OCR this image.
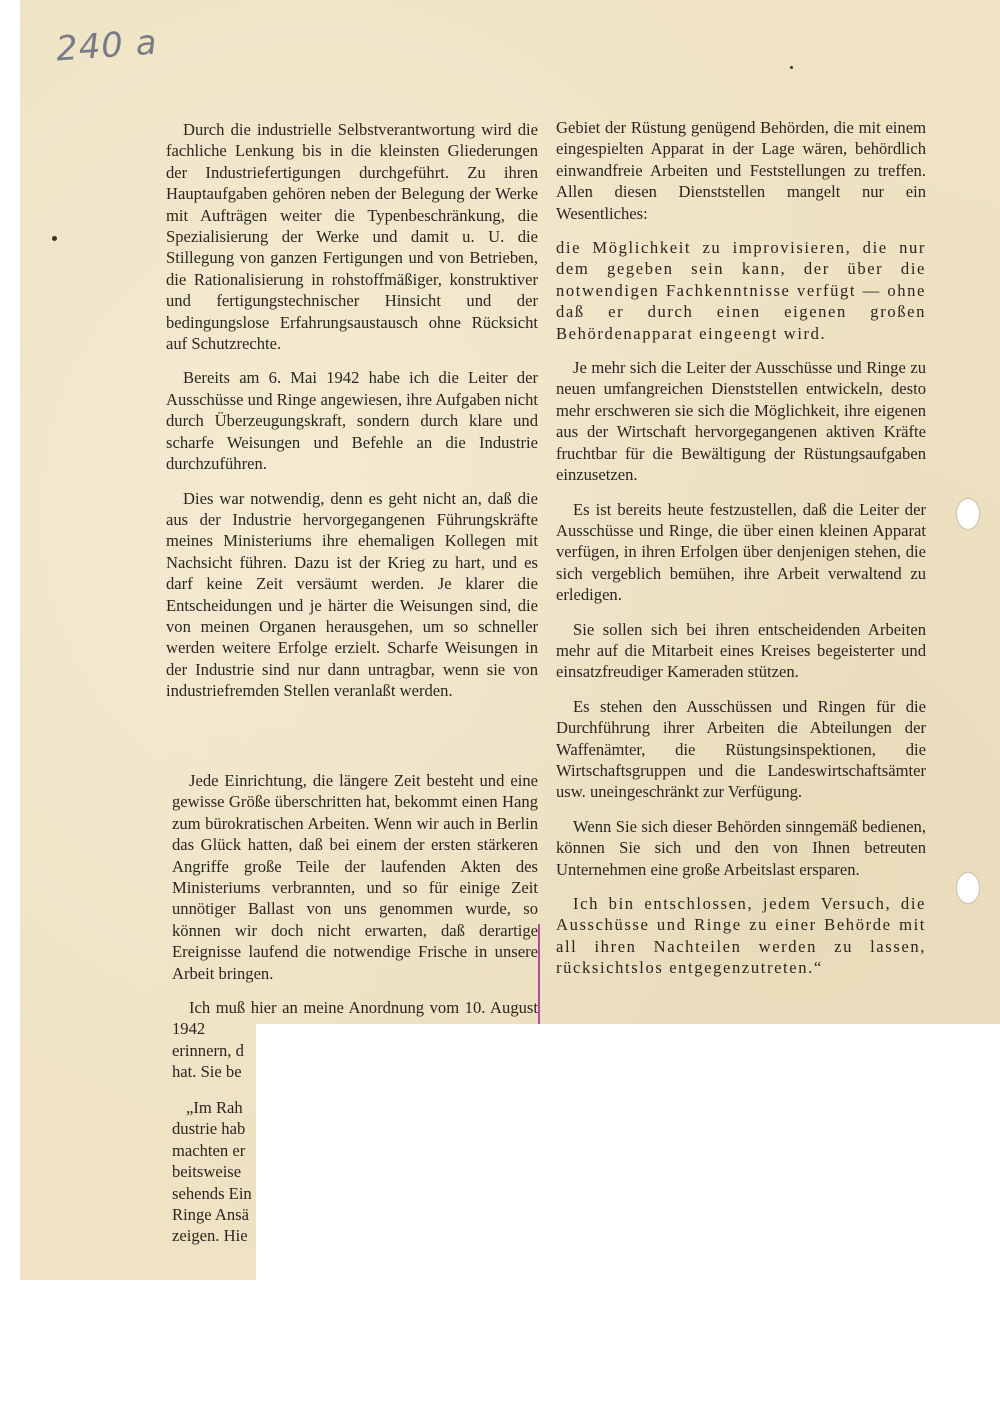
240 a

Durch die industrielle Selbstverantwortung wird die fachliche Lenkung bis in die kleinsten Gliederungen der Industriefertigungen durchgeführt. Zu ihren Hauptaufgaben gehören neben der Belegung der Werke mit Aufträgen weiter die Typenbeschränkung, die Spezialisierung der Werke und damit u. U. die Stillegung von ganzen Fertigungen und von Betrieben, die Rationalisierung in rohstoffmäßiger, konstruktiver und fertigungstechnischer Hinsicht und der bedingungslose Erfahrungsaustausch ohne Rücksicht auf Schutzrechte.

Bereits am 6. Mai 1942 habe ich die Leiter der Ausschüsse und Ringe angewiesen, ihre Aufgaben nicht durch Überzeugungskraft, sondern durch klare und scharfe Weisungen und Befehle an die Industrie durchzuführen.

Dies war notwendig, denn es geht nicht an, daß die aus der Industrie hervorgegangenen Führungskräfte meines Ministeriums ihre ehemaligen Kollegen mit Nachsicht führen. Dazu ist der Krieg zu hart, und es darf keine Zeit versäumt werden. Je klarer die Entscheidungen und je härter die Weisungen sind, die von meinen Organen herausgehen, um so schneller werden weitere Erfolge erzielt. Scharfe Weisungen in der Industrie sind nur dann untragbar, wenn sie von industriefremden Stellen veranlaßt werden.

Jede Einrichtung, die längere Zeit besteht und eine gewisse Größe überschritten hat, bekommt einen Hang zum bürokratischen Arbeiten. Wenn wir auch in Berlin das Glück hatten, daß bei einem der ersten stärkeren Angriffe große Teile der laufenden Akten des Ministeriums verbrannten, und so für einige Zeit unnötiger Ballast von uns genommen wurde, so können wir doch nicht erwarten, daß derartige Ereignisse laufend die notwendige Frische in unsere Arbeit bringen.

Ich muß hier an meine Anordnung vom 10. August 1942

erinnern, d

hat. Sie be

„Im Rah
dustrie hab
machten er
beitsweise
sehends Ein
Ringe Ansä
zeigen. Hie

Gebiet der Rüstung genügend Behörden, die mit einem eingespielten Apparat in der Lage wären, behördlich einwandfreie Arbeiten und Feststellungen zu treffen. Allen diesen Dienststellen mangelt nur ein Wesentliches:

die Möglichkeit zu improvisieren, die nur dem gegeben sein kann, der über die notwendigen Fachkenntnisse verfügt — ohne daß er durch einen eigenen großen Behördenapparat eingeengt wird.

Je mehr sich die Leiter der Ausschüsse und Ringe zu neuen umfangreichen Dienststellen entwickeln, desto mehr erschweren sie sich die Möglichkeit, ihre eigenen aus der Wirtschaft hervorgegangenen aktiven Kräfte fruchtbar für die Bewältigung der Rüstungsaufgaben einzusetzen.

Es ist bereits heute festzustellen, daß die Leiter der Ausschüsse und Ringe, die über einen kleinen Apparat verfügen, in ihren Erfolgen über denjenigen stehen, die sich vergeblich bemühen, ihre Arbeit verwaltend zu erledigen.

Sie sollen sich bei ihren entscheidenden Arbeiten mehr auf die Mitarbeit eines Kreises begeisterter und einsatzfreudiger Kameraden stützen.

Es stehen den Ausschüssen und Ringen für die Durchführung ihrer Arbeiten die Abteilungen der Waffenämter, die Rüstungsinspektionen, die Wirtschaftsgruppen und die Landeswirtschaftsämter usw. uneingeschränkt zur Verfügung.

Wenn Sie sich dieser Behörden sinngemäß bedienen, können Sie sich und den von Ihnen betreuten Unternehmen eine große Arbeitslast ersparen.

Ich bin entschlossen, jedem Versuch, die Ausschüsse und Ringe zu einer Behörde mit all ihren Nachteilen werden zu lassen, rücksichtslos entgegenzutreten.“
